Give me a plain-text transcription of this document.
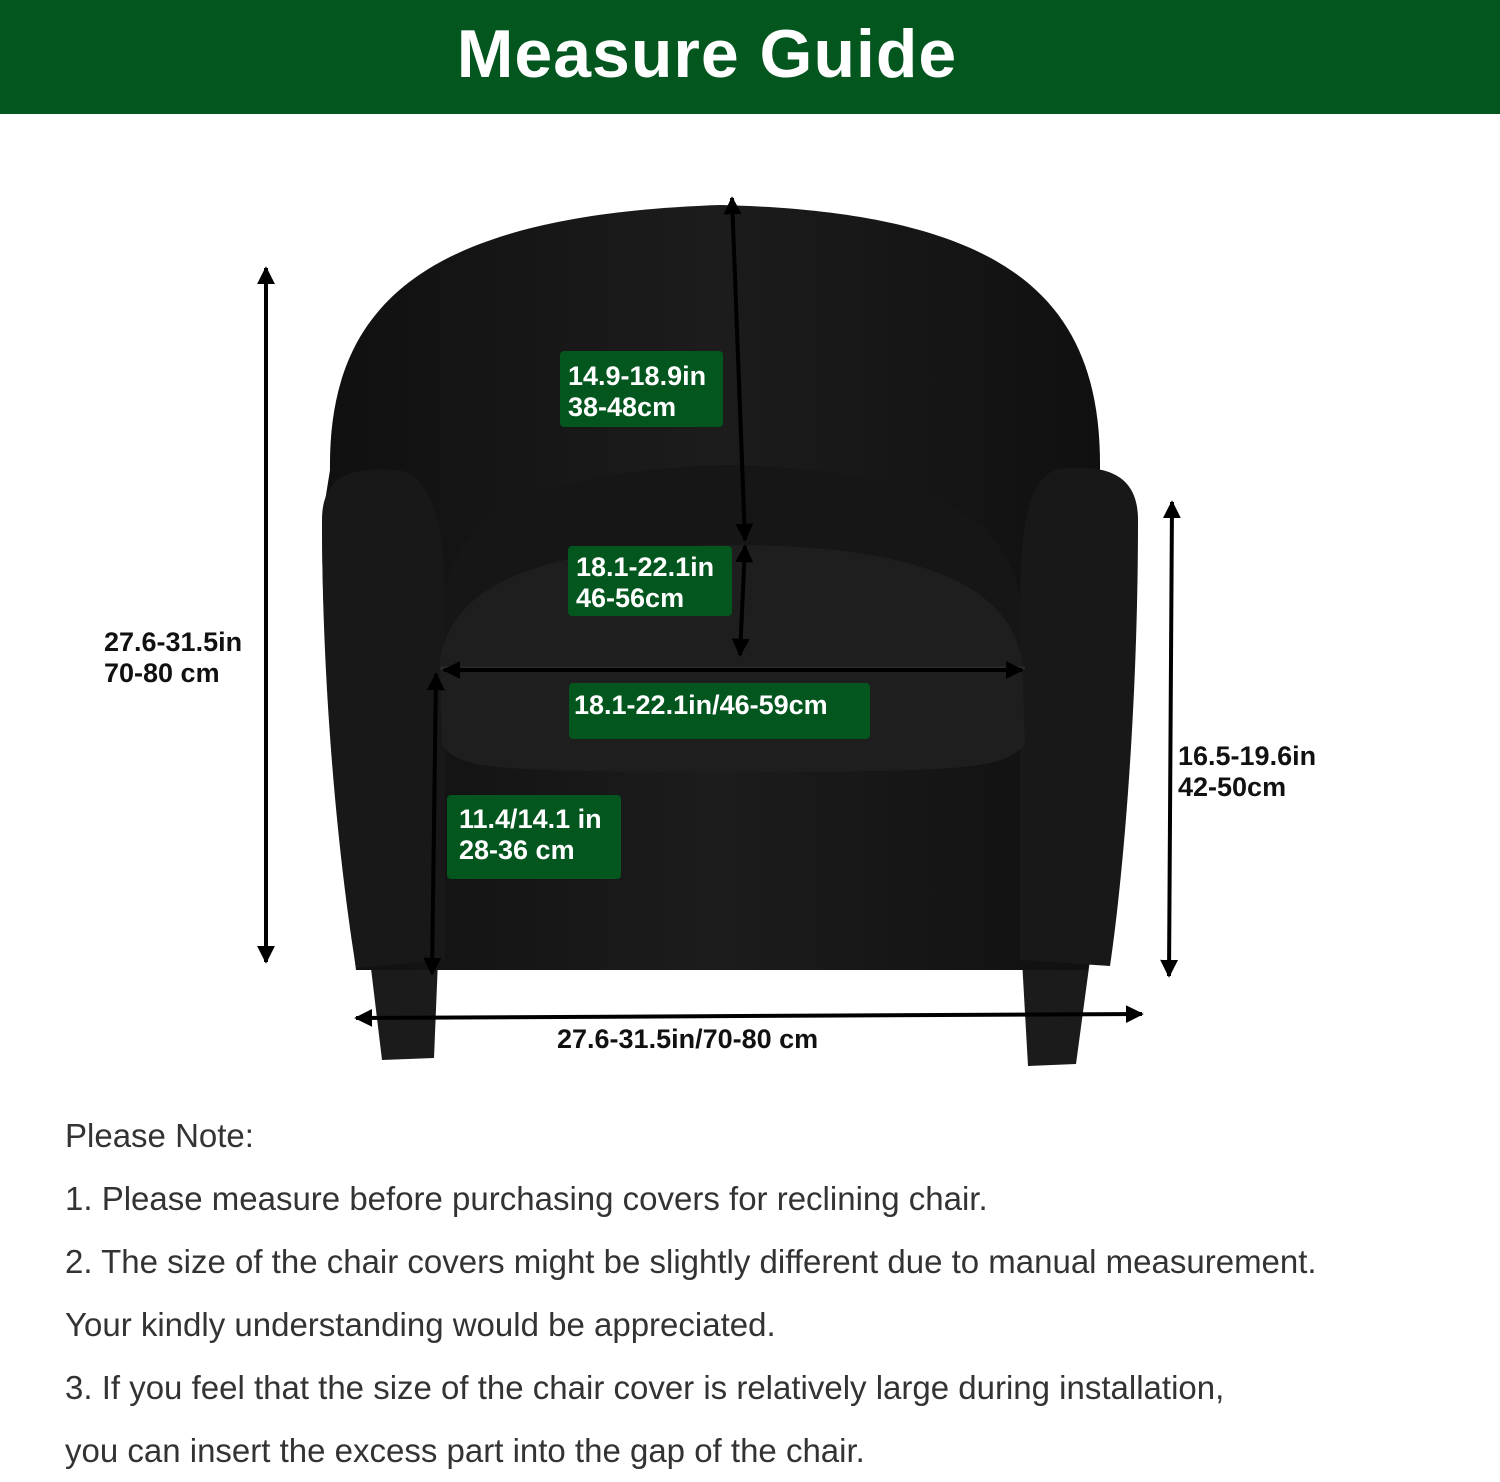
Measure Guide
14.9-18.9in
38-48cm
18.1-22.1in
46-56cm
18.1-22.1in/46-59cm
11.4/14.1 in
28-36 cm
27.6-31.5in
70-80 cm
16.5-19.6in
42-50cm
27.6-31.5in/70-80 cm

Please Note:

1. Please measure before purchasing covers for reclining chair.

2. The size of the chair covers might be slightly different due to manual measurement.

Your kindly understanding would be appreciated.

3. If you feel that the size of the chair cover is relatively large during installation,

you can insert the excess part into the gap of the chair.
